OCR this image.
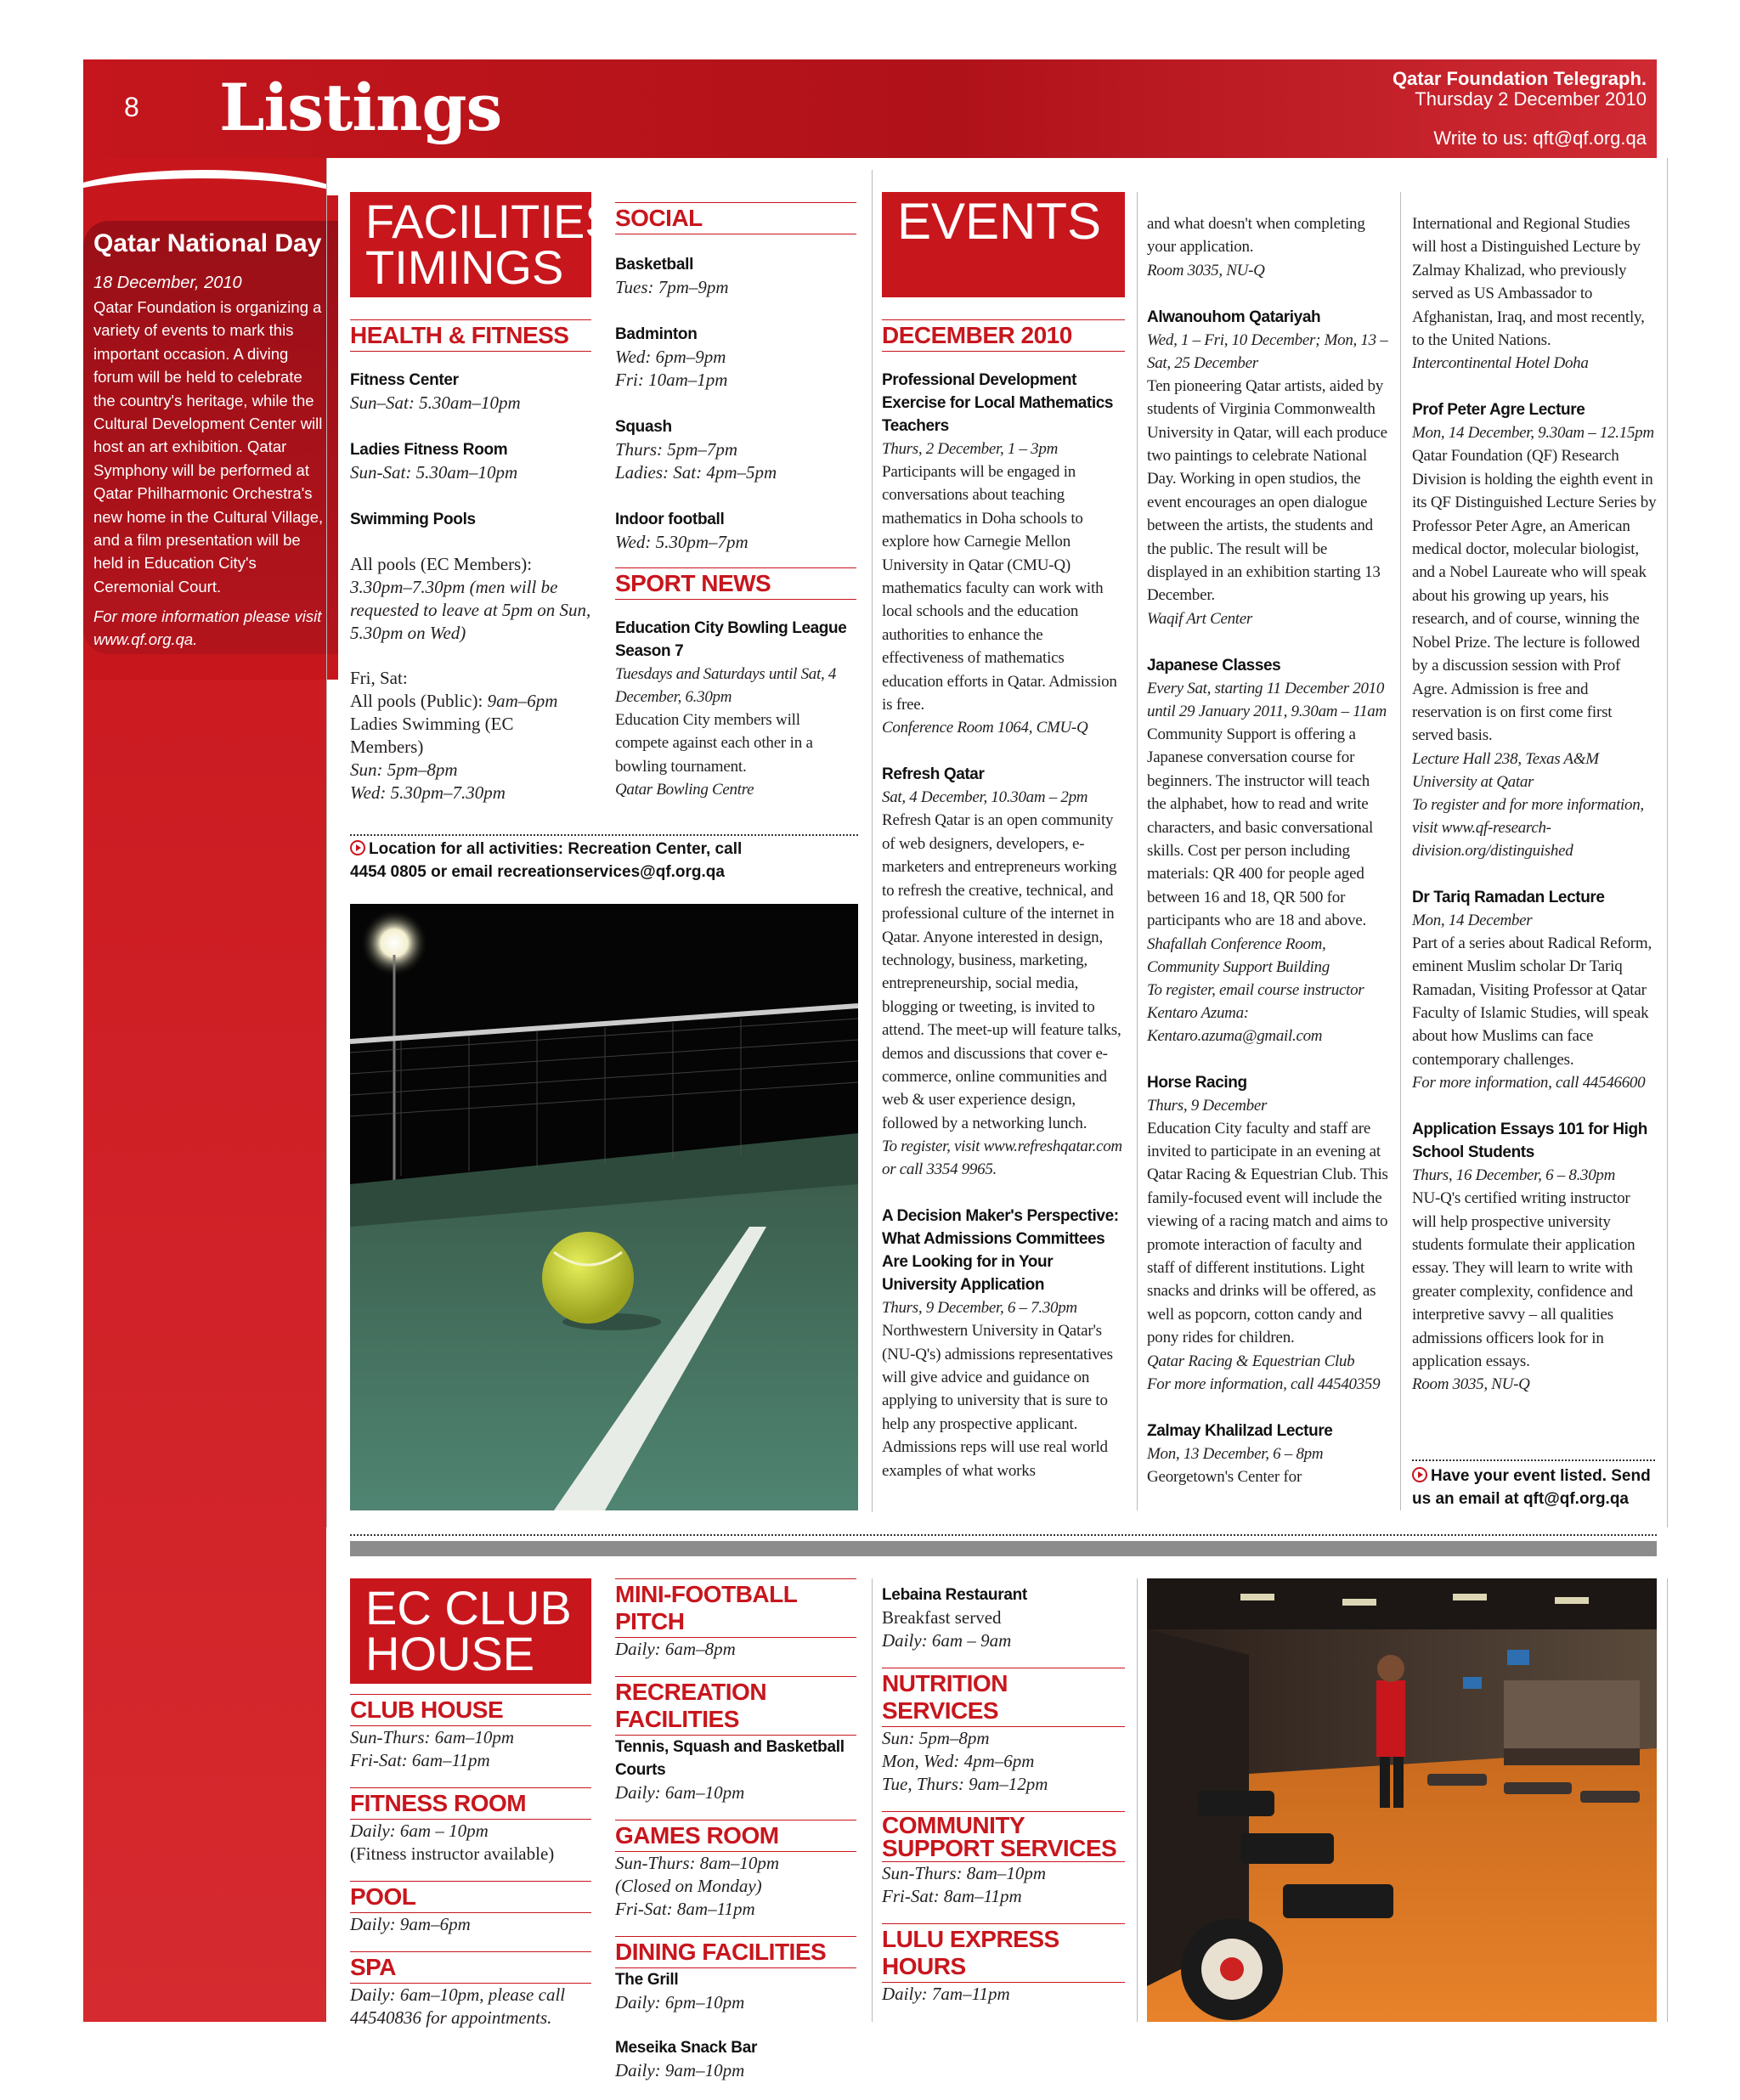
8 Listings	Qatar Foundation Telegraph.
Thursday 2 December 2010
Write to us: qft@qf.org.qa
Qatar National Day
18 December, 2010
Qatar Foundation is organizing a variety of events to mark this important occasion. A diving forum will be held to celebrate the country's heritage, while the Cultural Development Center will host an art exhibition. Qatar Symphony will be performed at Qatar Philharmonic Orchestra's new home in the Cultural Village, and a film presentation will be held in Education City's Ceremonial Court.
For more information please visit www.qf.org.qa.
FACILITIES
TIMINGS
HEALTH & FITNESS
Fitness Center
Sun–Sat: 5.30am–10pm
Ladies Fitness Room
Sun-Sat: 5.30am–10pm
Swimming Pools
All pools (EC Members):
3.30pm–7.30pm (men will be requested to leave at 5pm on Sun, 5.30pm on Wed)
Fri, Sat:
All pools (Public): 9am–6pm
Ladies Swimming (EC Members)
Sun: 5pm–8pm
Wed: 5.30pm–7.30pm
SOCIAL
Basketball
Tues: 7pm–9pm
Badminton
Wed: 6pm–9pm
Fri: 10am–1pm
Squash
Thurs: 5pm–7pm
Ladies: Sat: 4pm–5pm
Indoor football
Wed: 5.30pm–7pm
SPORT NEWS
Education City Bowling League Season 7
Tuesdays and Saturdays until Sat, 4 December, 6.30pm
Education City members will compete against each other in a bowling tournament.
Qatar Bowling Centre
Location for all activities: Recreation Center, call 4454 0805 or email recreationservices@qf.org.qa
EVENTS
DECEMBER 2010
Professional Development Exercise for Local Mathematics Teachers
Thurs, 2 December, 1 – 3pm
Participants will be engaged in conversations about teaching mathematics in Doha schools to explore how Carnegie Mellon University in Qatar (CMU-Q) mathematics faculty can work with local schools and the education authorities to enhance the effectiveness of mathematics education efforts in Qatar. Admission is free.
Conference Room 1064, CMU-Q
Refresh Qatar
Sat, 4 December, 10.30am – 2pm
Refresh Qatar is an open community of web designers, developers, e-marketers and entrepreneurs working to refresh the creative, technical, and professional culture of the internet in Qatar. Anyone interested in design, technology, business, marketing, entrepreneurship, social media, blogging or tweeting, is invited to attend. The meet-up will feature talks, demos and discussions that cover e-commerce, online communities and web & user experience design, followed by a networking lunch.
To register, visit www.refreshqatar.com or call 3354 9965.
A Decision Maker's Perspective: What Admissions Committees Are Looking for in Your University Application
Thurs, 9 December, 6 – 7.30pm
Northwestern University in Qatar's (NU-Q's) admissions representatives will give advice and guidance on applying to university that is sure to help any prospective applicant. Admissions reps will use real world examples of what works
and what doesn't when completing your application.
Room 3035, NU-Q
Alwanouhom Qatariyah
Wed, 1 – Fri, 10 December; Mon, 13 – Sat, 25 December
Ten pioneering Qatar artists, aided by students of Virginia Commonwealth University in Qatar, will each produce two paintings to celebrate National Day. Working in open studios, the event encourages an open dialogue between the artists, the students and the public. The result will be displayed in an exhibition starting 13 December.
Waqif Art Center
Japanese Classes
Every Sat, starting 11 December 2010 until 29 January 2011, 9.30am – 11am
Community Support is offering a Japanese conversation course for beginners. The instructor will teach the alphabet, how to read and write characters, and basic conversational skills. Cost per person including materials: QR 400 for people aged between 16 and 18, QR 500 for participants who are 18 and above.
Shafallah Conference Room, Community Support Building
To register, email course instructor Kentaro Azuma: Kentaro.azuma@gmail.com
Horse Racing
Thurs, 9 December
Education City faculty and staff are invited to participate in an evening at Qatar Racing & Equestrian Club. This family-focused event will include the viewing of a racing match and aims to promote interaction of faculty and staff of different institutions. Light snacks and drinks will be offered, as well as popcorn, cotton candy and pony rides for children.
Qatar Racing & Equestrian Club
For more information, call 44540359
Zalmay Khalilzad Lecture
Mon, 13 December, 6 – 8pm
Georgetown's Center for
International and Regional Studies will host a Distinguished Lecture by Zalmay Khalizad, who previously served as US Ambassador to Afghanistan, Iraq, and most recently, to the United Nations.
Intercontinental Hotel Doha
Prof Peter Agre Lecture
Mon, 14 December, 9.30am – 12.15pm
Qatar Foundation (QF) Research Division is holding the eighth event in its QF Distinguished Lecture Series by Professor Peter Agre, an American medical doctor, molecular biologist, and a Nobel Laureate who will speak about his growing up years, his research, and of course, winning the Nobel Prize. The lecture is followed by a discussion session with Prof Agre. Admission is free and reservation is on first come first served basis.
Lecture Hall 238, Texas A&M University at Qatar
To register and for more information, visit www.qf-research-division.org/distinguished
Dr Tariq Ramadan Lecture
Mon, 14 December
Part of a series about Radical Reform, eminent Muslim scholar Dr Tariq Ramadan, Visiting Professor at Qatar Faculty of Islamic Studies, will speak about how Muslims can face contemporary challenges.
For more information, call 44546600
Application Essays 101 for High School Students
Thurs, 16 December, 6 – 8.30pm
NU-Q's certified writing instructor will help prospective university students formulate their application essay. They will learn to write with greater complexity, confidence and interpretive savvy – all qualities admissions officers look for in application essays.
Room 3035, NU-Q
Have your event listed. Send us an email at qft@qf.org.qa
EC CLUB
HOUSE
CLUB HOUSE
Sun-Thurs: 6am–10pm
Fri-Sat: 6am–11pm
FITNESS ROOM
Daily: 6am – 10pm
(Fitness instructor available)
POOL
Daily: 9am–6pm
SPA
Daily: 6am–10pm, please call 44540836 for appointments.
MINI-FOOTBALL PITCH
Daily: 6am–8pm
RECREATION FACILITIES
Tennis, Squash and Basketball Courts
Daily: 6am–10pm
GAMES ROOM
Sun-Thurs: 8am–10pm
(Closed on Monday)
Fri-Sat: 8am–11pm
DINING FACILITIES
The Grill
Daily: 6pm–10pm
Meseika Snack Bar
Daily: 9am–10pm
Lebaina Restaurant
Breakfast served
Daily: 6am – 9am
NUTRITION SERVICES
Sun: 5pm–8pm
Mon, Wed: 4pm–6pm
Tue, Thurs: 9am–12pm
COMMUNITY SUPPORT SERVICES
Sun-Thurs: 8am–10pm
Fri-Sat: 8am–11pm
LULU EXPRESS HOURS
Daily: 7am–11pm
